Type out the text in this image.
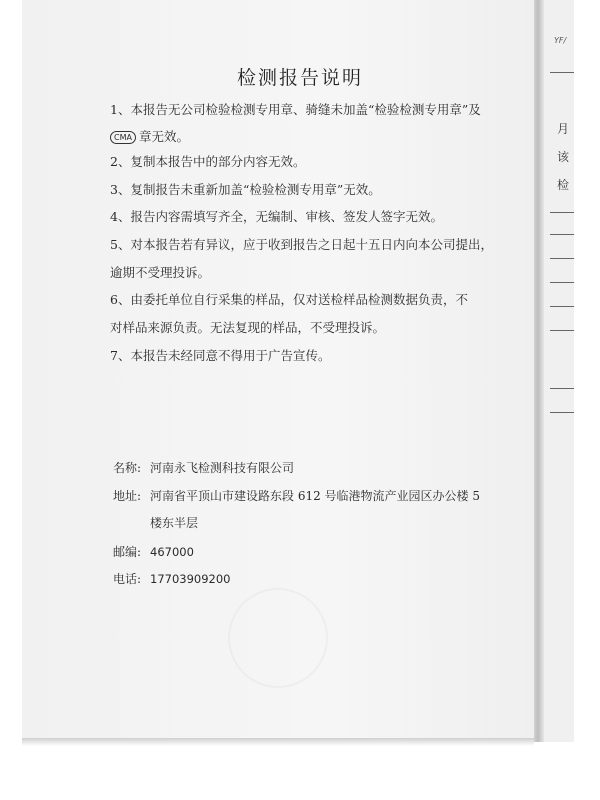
YF/
月
该
检
检测报告说明
1、本报告无公司检验检测专用章、骑缝未加盖“检验检测专用章”及
CMA 章无效。
2、复制本报告中的部分内容无效。
3、复制报告未重新加盖“检验检测专用章”无效。
4、报告内容需填写齐全，无编制、审核、签发人签字无效。
5、对本报告若有异议，应于收到报告之日起十五日内向本公司提出，
逾期不受理投诉。
6、由委托单位自行采集的样品，仅对送检样品检测数据负责，不
对样品来源负责。无法复现的样品，不受理投诉。
7、本报告未经同意不得用于广告宣传。
名称: 河南永飞检测科技有限公司
地址: 河南省平顶山市建设路东段 612 号临港物流产业园区办公楼 5
楼东半层
邮编: 467000
电话: 17703909200
